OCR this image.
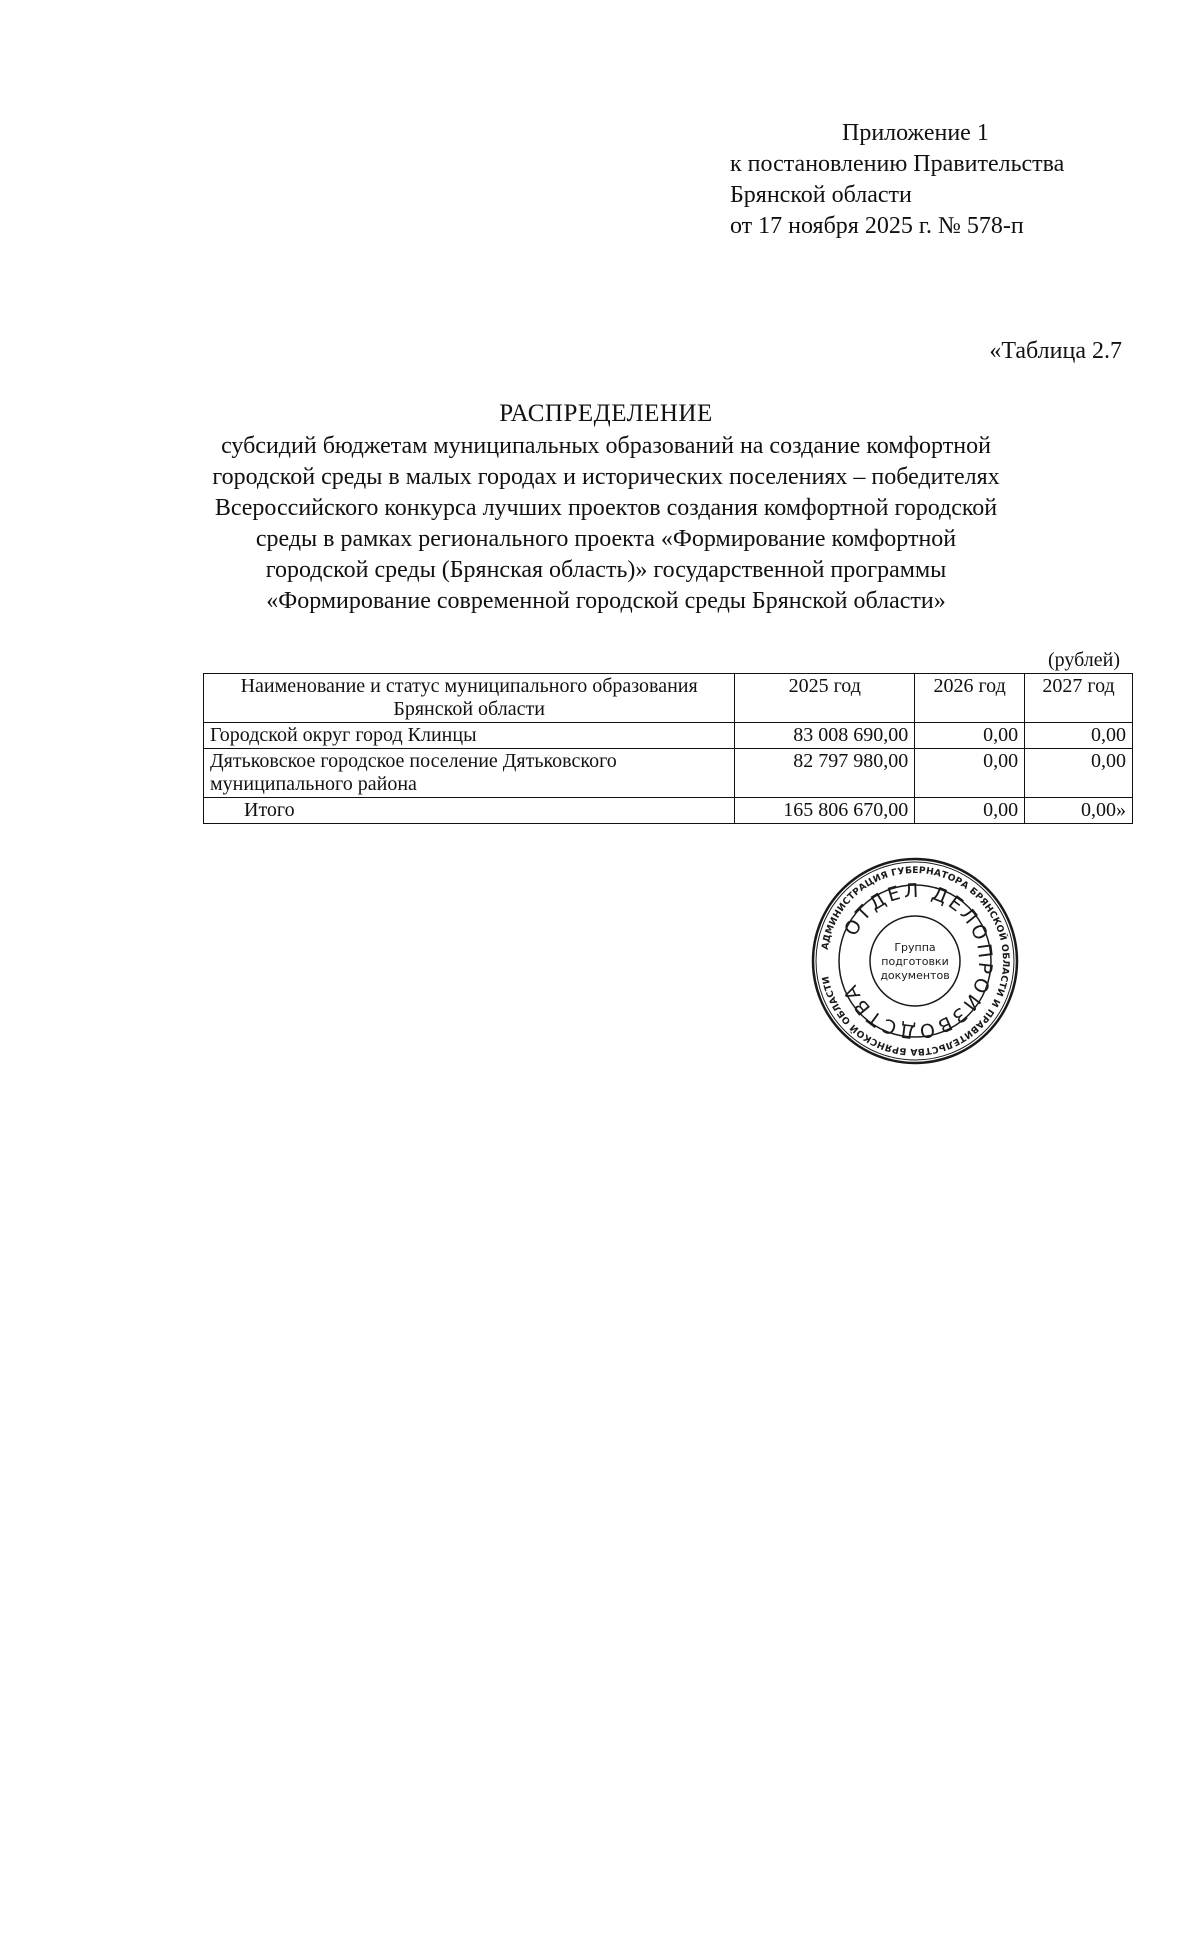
Приложение 1
к постановлению Правительства
Брянской области
от 17 ноября 2025 г. № 578-п
«Таблица 2.7
РАСПРЕДЕЛЕНИЕ
субсидий бюджетам муниципальных образований на создание комфортной
городской среды в малых городах и исторических поселениях – победителях
Всероссийского конкурса лучших проектов создания комфортной городской
среды в рамках регионального проекта «Формирование комфортной
городской среды (Брянская область)» государственной программы
«Формирование современной городской среды Брянской области»
(рублей)
Наименование и статус муниципального образования Брянской области	2025 год	2026 год	2027 год
Городской округ город Клинцы	83 008 690,00	0,00	0,00
Дятьковское городское поселение Дятьковского муниципального района	82 797 980,00	0,00	0,00
Итого	165 806 670,00	0,00	0,00»
АДМИНИСТРАЦИЯ ГУБЕРНАТОРА БРЯНСКОЙ ОБЛАСТИ И ПРАВИТЕЛЬСТВА БРЯНСКОЙ ОБЛАСТИ
ОТДЕЛ ДЕЛОПРОИЗВОДСТВА
Группа
подготовки
документов
